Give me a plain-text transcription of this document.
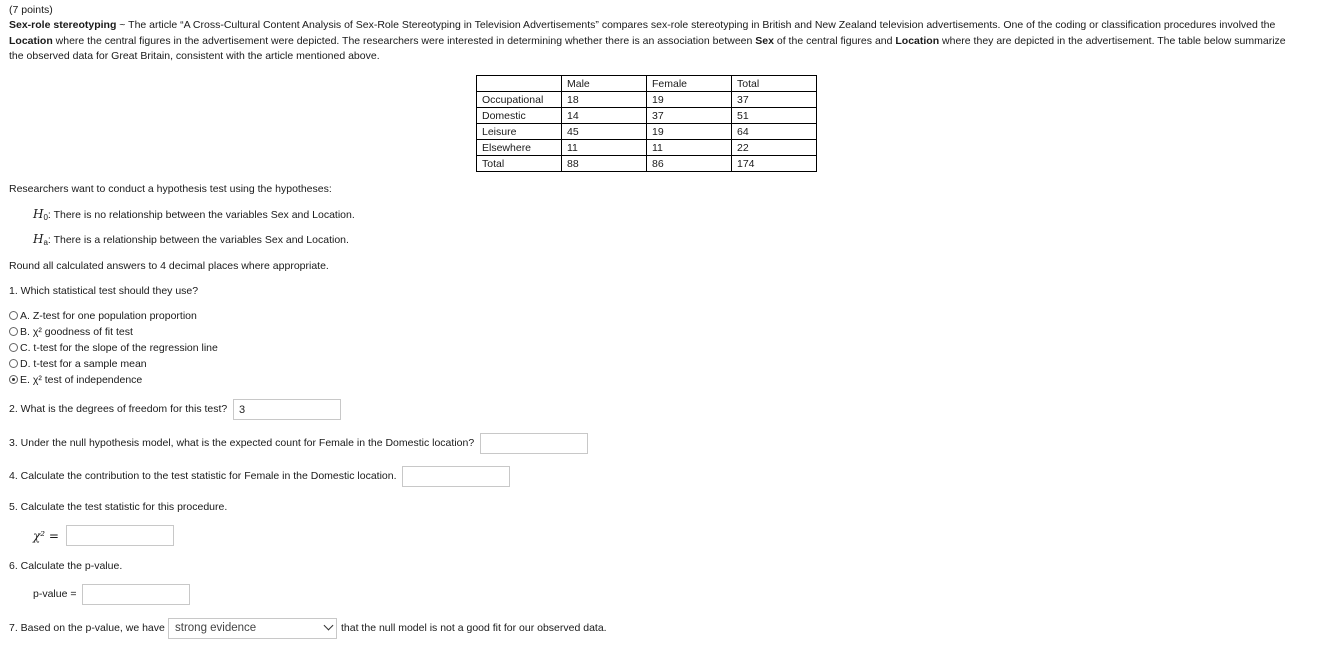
(7 points)
Sex-role stereotyping ~ The article “A Cross-Cultural Content Analysis of Sex-Role Stereotyping in Television Advertisements” compares sex-role stereotyping in British and New Zealand television advertisements. One of the coding or classification procedures involved the Location where the central figures in the advertisement were depicted. The researchers were interested in determining whether there is an association between Sex of the central figures and Location where they are depicted in the advertisement. The table below summarize the observed data for Great Britain, consistent with the article mentioned above.
	Male	Female	Total
Occupational	18	19	37
Domestic	14	37	51
Leisure	45	19	64
Elsewhere	11	11	22
Total	88	86	174
Researchers want to conduct a hypothesis test using the hypotheses:
$H_0$: There is no relationship between the variables Sex and Location.
$H_a$: There is a relationship between the variables Sex and Location.
Round all calculated answers to 4 decimal places where appropriate.
1. Which statistical test should they use?
A. Z-test for one population proportion
B. χ² goodness of fit test
C. t-test for the slope of the regression line
D. t-test for a sample mean
E. χ² test of independence
2. What is the degrees of freedom for this test?
3
3. Under the null hypothesis model, what is the expected count for Female in the Domestic location?
4. Calculate the contribution to the test statistic for Female in the Domestic location.
5. Calculate the test statistic for this procedure.
χ² =
6. Calculate the p-value.
p-value =
7. Based on the p-value, we have strong evidence	that the null model is not a good fit for our observed data.
